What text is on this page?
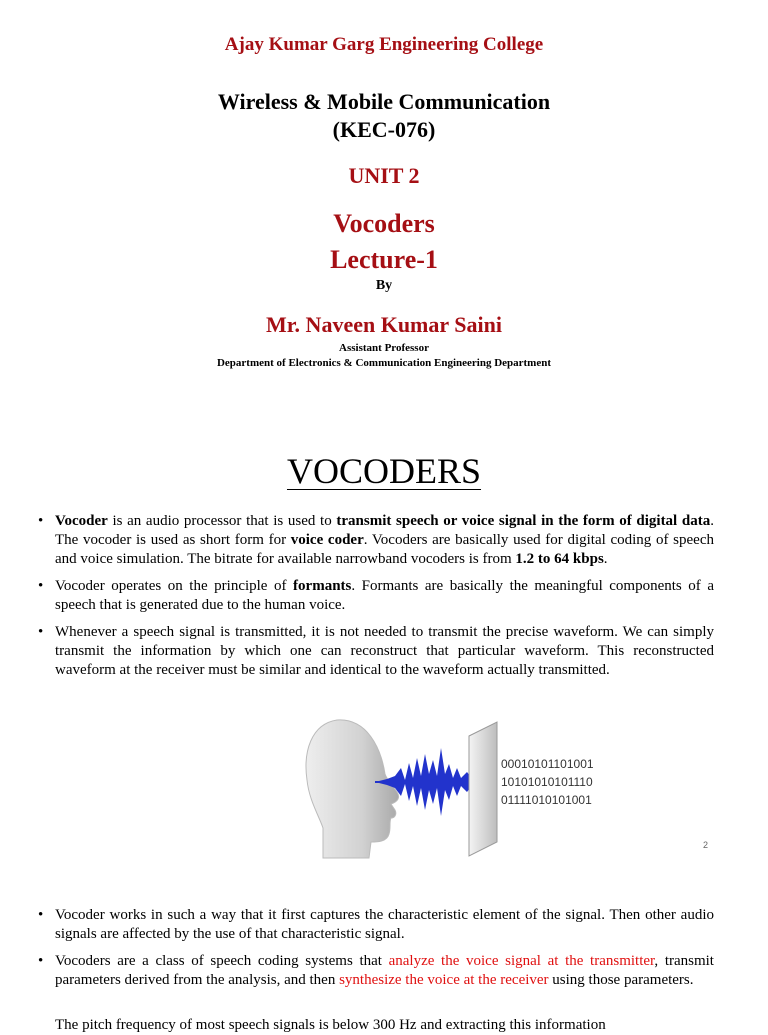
Ajay Kumar Garg Engineering College
Wireless & Mobile Communication
(KEC-076)
UNIT 2
Vocoders
Lecture-1
By
Mr. Naveen Kumar Saini
Assistant Professor
Department of Electronics & Communication Engineering Department
VOCODERS
• Vocoder is an audio processor that is used to transmit speech or voice signal in the form of digital data. The vocoder is used as short form for voice coder. Vocoders are basically used for digital coding of speech and voice simulation. The bitrate for available narrowband vocoders is from 1.2 to 64 kbps.
• Vocoder operates on the principle of formants. Formants are basically the meaningful components of a speech that is generated due to the human voice.
• Whenever a speech signal is transmitted, it is not needed to transmit the precise waveform. We can simply transmit the information by which one can reconstruct that particular waveform. This reconstructed waveform at the receiver must be similar and identical to the waveform actually transmitted.
00010101101001
10101010101110
01111010101001
2
• Vocoder works in such a way that it first captures the characteristic element of the signal. Then other audio signals are affected by the use of that characteristic signal.
• Vocoders are a class of speech coding systems that analyze the voice signal at the transmitter, transmit parameters derived from the analysis, and then synthesize the voice at the receiver using those parameters.
The pitch frequency of most speech signals is below 300 Hz and extracting this information
